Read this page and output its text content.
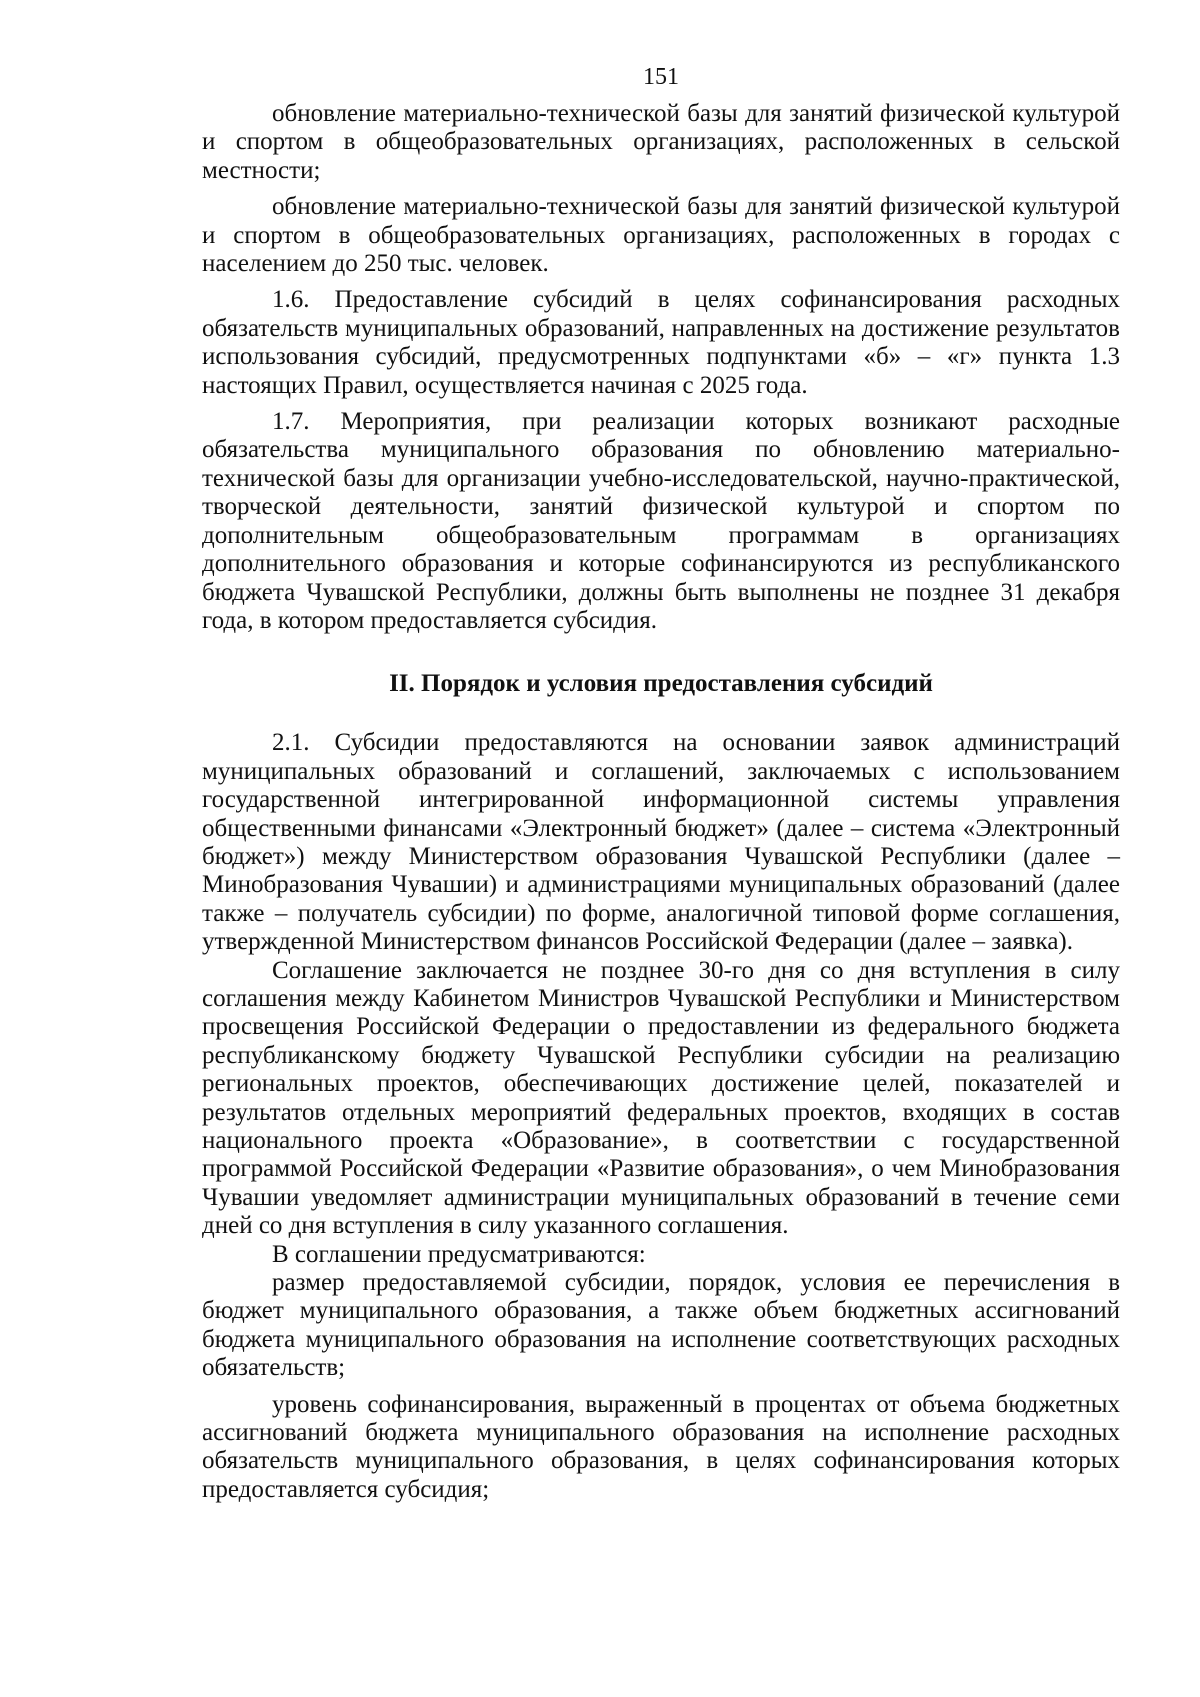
151

обновление материально-технической базы для занятий физической культурой и спортом в общеобразовательных организациях, расположенных в сельской местности;

обновление материально-технической базы для занятий физической культурой и спортом в общеобразовательных организациях, расположенных в городах с населением до 250 тыс. человек.

1.6. Предоставление субсидий в целях софинансирования расходных обязательств муниципальных образований, направленных на достижение результатов использования субсидий, предусмотренных подпунктами «б» – «г» пункта 1.3 настоящих Правил, осуществляется начиная с 2025 года.

1.7. Мероприятия, при реализации которых возникают расходные обязательства муниципального образования по обновлению материально-технической базы для организации учебно-исследовательской, научно-практической, творческой деятельности, занятий физической культурой и спортом по дополнительным общеобразовательным программам в организациях дополнительного образования и которые софинансируются из республиканского бюджета Чувашской Республики, должны быть выполнены не позднее 31 декабря года, в котором предоставляется субсидия.

II. Порядок и условия предоставления субсидий

2.1. Субсидии предоставляются на основании заявок администраций муниципальных образований и соглашений, заключаемых с использованием государственной интегрированной информационной системы управления общественными финансами «Электронный бюджет» (далее – система «Электронный бюджет») между Министерством образования Чувашской Республики (далее – Минобразования Чувашии) и администрациями муниципальных образований (далее также – получатель субсидии) по форме, аналогичной типовой форме соглашения, утвержденной Министерством финансов Российской Федерации (далее – заявка).

Соглашение заключается не позднее 30-го дня со дня вступления в силу соглашения между Кабинетом Министров Чувашской Республики и Министерством просвещения Российской Федерации о предоставлении из федерального бюджета республиканскому бюджету Чувашской Республики субсидии на реализацию региональных проектов, обеспечивающих достижение целей, показателей и результатов отдельных мероприятий федеральных проектов, входящих в состав национального проекта «Образование», в соответствии с государственной программой Российской Федерации «Развитие образования», о чем Минобразования Чувашии уведомляет администрации муниципальных образований в течение семи дней со дня вступления в силу указанного соглашения.

В соглашении предусматриваются:

размер предоставляемой субсидии, порядок, условия ее перечисления в бюджет муниципального образования, а также объем бюджетных ассигнований бюджета муниципального образования на исполнение соответствующих расходных обязательств;

уровень софинансирования, выраженный в процентах от объема бюджетных ассигнований бюджета муниципального образования на исполнение расходных обязательств муниципального образования, в целях софинансирования которых предоставляется субсидия;
